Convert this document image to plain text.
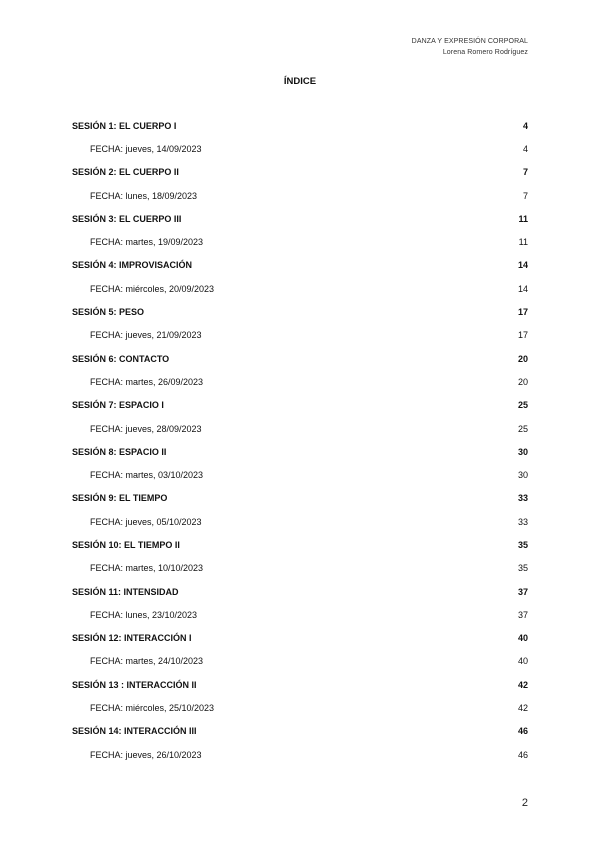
DANZA Y EXPRESIÓN CORPORAL
Lorena Romero Rodríguez
ÍNDICE
SESIÓN 1: EL CUERPO I	4
FECHA: jueves, 14/09/2023	4
SESIÓN 2: EL CUERPO II	7
FECHA: lunes, 18/09/2023	7
SESIÓN 3: EL CUERPO III	11
FECHA: martes, 19/09/2023	11
SESIÓN 4: IMPROVISACIÓN	14
FECHA: miércoles, 20/09/2023	14
SESIÓN 5: PESO	17
FECHA: jueves, 21/09/2023	17
SESIÓN 6: CONTACTO	20
FECHA: martes, 26/09/2023	20
SESIÓN 7: ESPACIO I	25
FECHA: jueves, 28/09/2023	25
SESIÓN 8: ESPACIO II	30
FECHA: martes, 03/10/2023	30
SESIÓN 9: EL TIEMPO	33
FECHA: jueves, 05/10/2023	33
SESIÓN 10: EL TIEMPO II	35
FECHA: martes, 10/10/2023	35
SESIÓN 11: INTENSIDAD	37
FECHA: lunes, 23/10/2023	37
SESIÓN 12: INTERACCIÓN I	40
FECHA: martes, 24/10/2023	40
SESIÓN 13 : INTERACCIÓN II	42
FECHA: miércoles, 25/10/2023	42
SESIÓN 14: INTERACCIÓN III	46
FECHA: jueves, 26/10/2023	46
2
